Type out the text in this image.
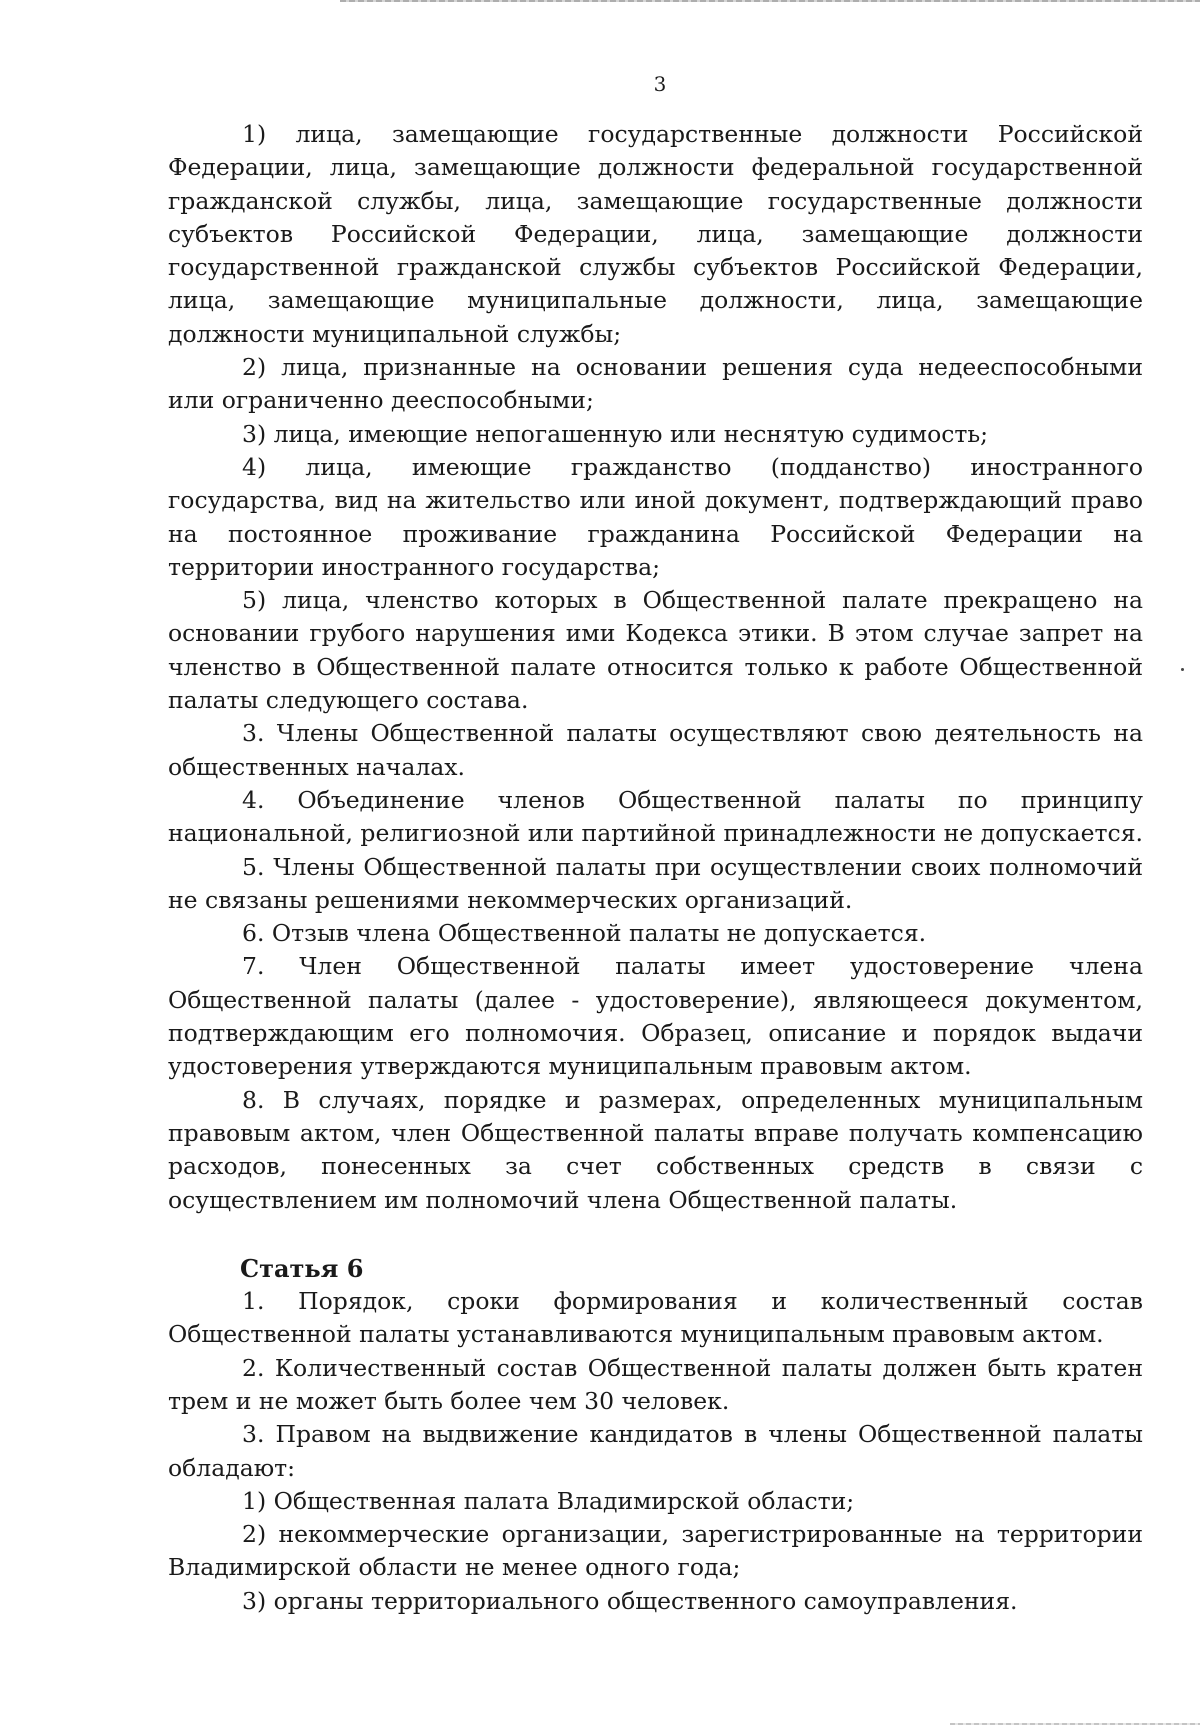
3

1) лица, замещающие государственные должности Российской Федерации, лица, замещающие должности федеральной государственной гражданской службы, лица, замещающие государственные должности субъектов Российской Федерации, лица, замещающие должности государственной гражданской службы субъектов Российской Федерации, лица, замещающие муниципальные должности, лица, замещающие должности муниципальной службы;

2) лица, признанные на основании решения суда недееспособными или ограниченно дееспособными;

3) лица, имеющие непогашенную или неснятую судимость;

4) лица, имеющие гражданство (подданство) иностранного государства, вид на жительство или иной документ, подтверждающий право на постоянное проживание гражданина Российской Федерации на территории иностранного государства;

5) лица, членство которых в Общественной палате прекращено на основании грубого нарушения ими Кодекса этики. В этом случае запрет на членство в Общественной палате относится только к работе Общественной палаты следующего состава.

3. Члены Общественной палаты осуществляют свою деятельность на общественных началах.

4. Объединение членов Общественной палаты по принципу национальной, религиозной или партийной принадлежности не допускается.

5. Члены Общественной палаты при осуществлении своих полномочий не связаны решениями некоммерческих организаций.

6. Отзыв члена Общественной палаты не допускается.

7. Член Общественной палаты имеет удостоверение члена Общественной палаты (далее - удостоверение), являющееся документом, подтверждающим его полномочия. Образец, описание и порядок выдачи удостоверения утверждаются муниципальным правовым актом.

8. В случаях, порядке и размерах, определенных муниципальным правовым актом, член Общественной палаты вправе получать компенсацию расходов, понесенных за счет собственных средств в связи с осуществлением им полномочий члена Общественной палаты.

Статья 6

1. Порядок, сроки формирования и количественный состав Общественной палаты устанавливаются муниципальным правовым актом.

2. Количественный состав Общественной палаты должен быть кратен трем и не может быть более чем 30 человек.

3. Правом на выдвижение кандидатов в члены Общественной палаты обладают:

1) Общественная палата Владимирской области;

2) некоммерческие организации, зарегистрированные на территории Владимирской области не менее одного года;

3) органы территориального общественного самоуправления.
